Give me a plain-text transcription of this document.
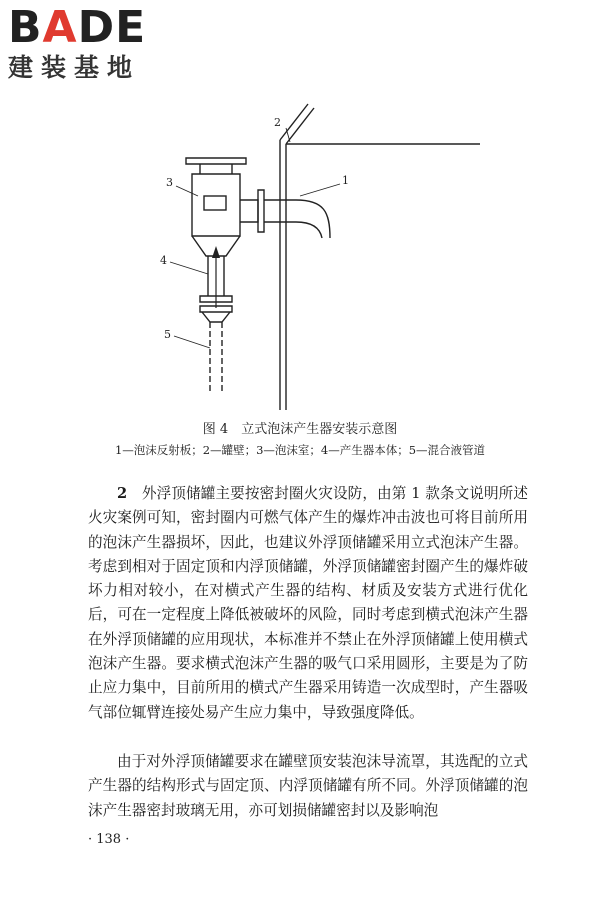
BADE
建装基地
1
2
3
4
5
图 4　立式泡沫产生器安装示意图
1—泡沫反射板；2—罐壁；3—泡沫室；4—产生器本体；5—混合液管道

2　 外浮顶储罐主要按密封圈火灾设防，由第 1 款条文说明所述火灾案例可知，密封圈内可燃气体产生的爆炸冲击波也可将目前所用的泡沫产生器损坏，因此，也建议外浮顶储罐采用立式泡沫产生器。考虑到相对于固定顶和内浮顶储罐，外浮顶储罐密封圈产生的爆炸破坏力相对较小，在对横式产生器的结构、材质及安装方式进行优化后，可在一定程度上降低被破坏的风险，同时考虑到横式泡沫产生器在外浮顶储罐的应用现状，本标准并不禁止在外浮顶储罐上使用横式泡沫产生器。要求横式泡沫产生器的吸气口采用圆形，主要是为了防止应力集中，目前所用的横式产生器采用铸造一次成型时，产生器吸气部位辄臂连接处易产生应力集中，导致强度降低。

由于对外浮顶储罐要求在罐壁顶安装泡沫导流罩，其选配的立式产生器的结构形式与固定顶、内浮顶储罐有所不同。外浮顶储罐的泡沫产生器密封玻璃无用，亦可划损储罐密封以及影响泡

· 138 ·
